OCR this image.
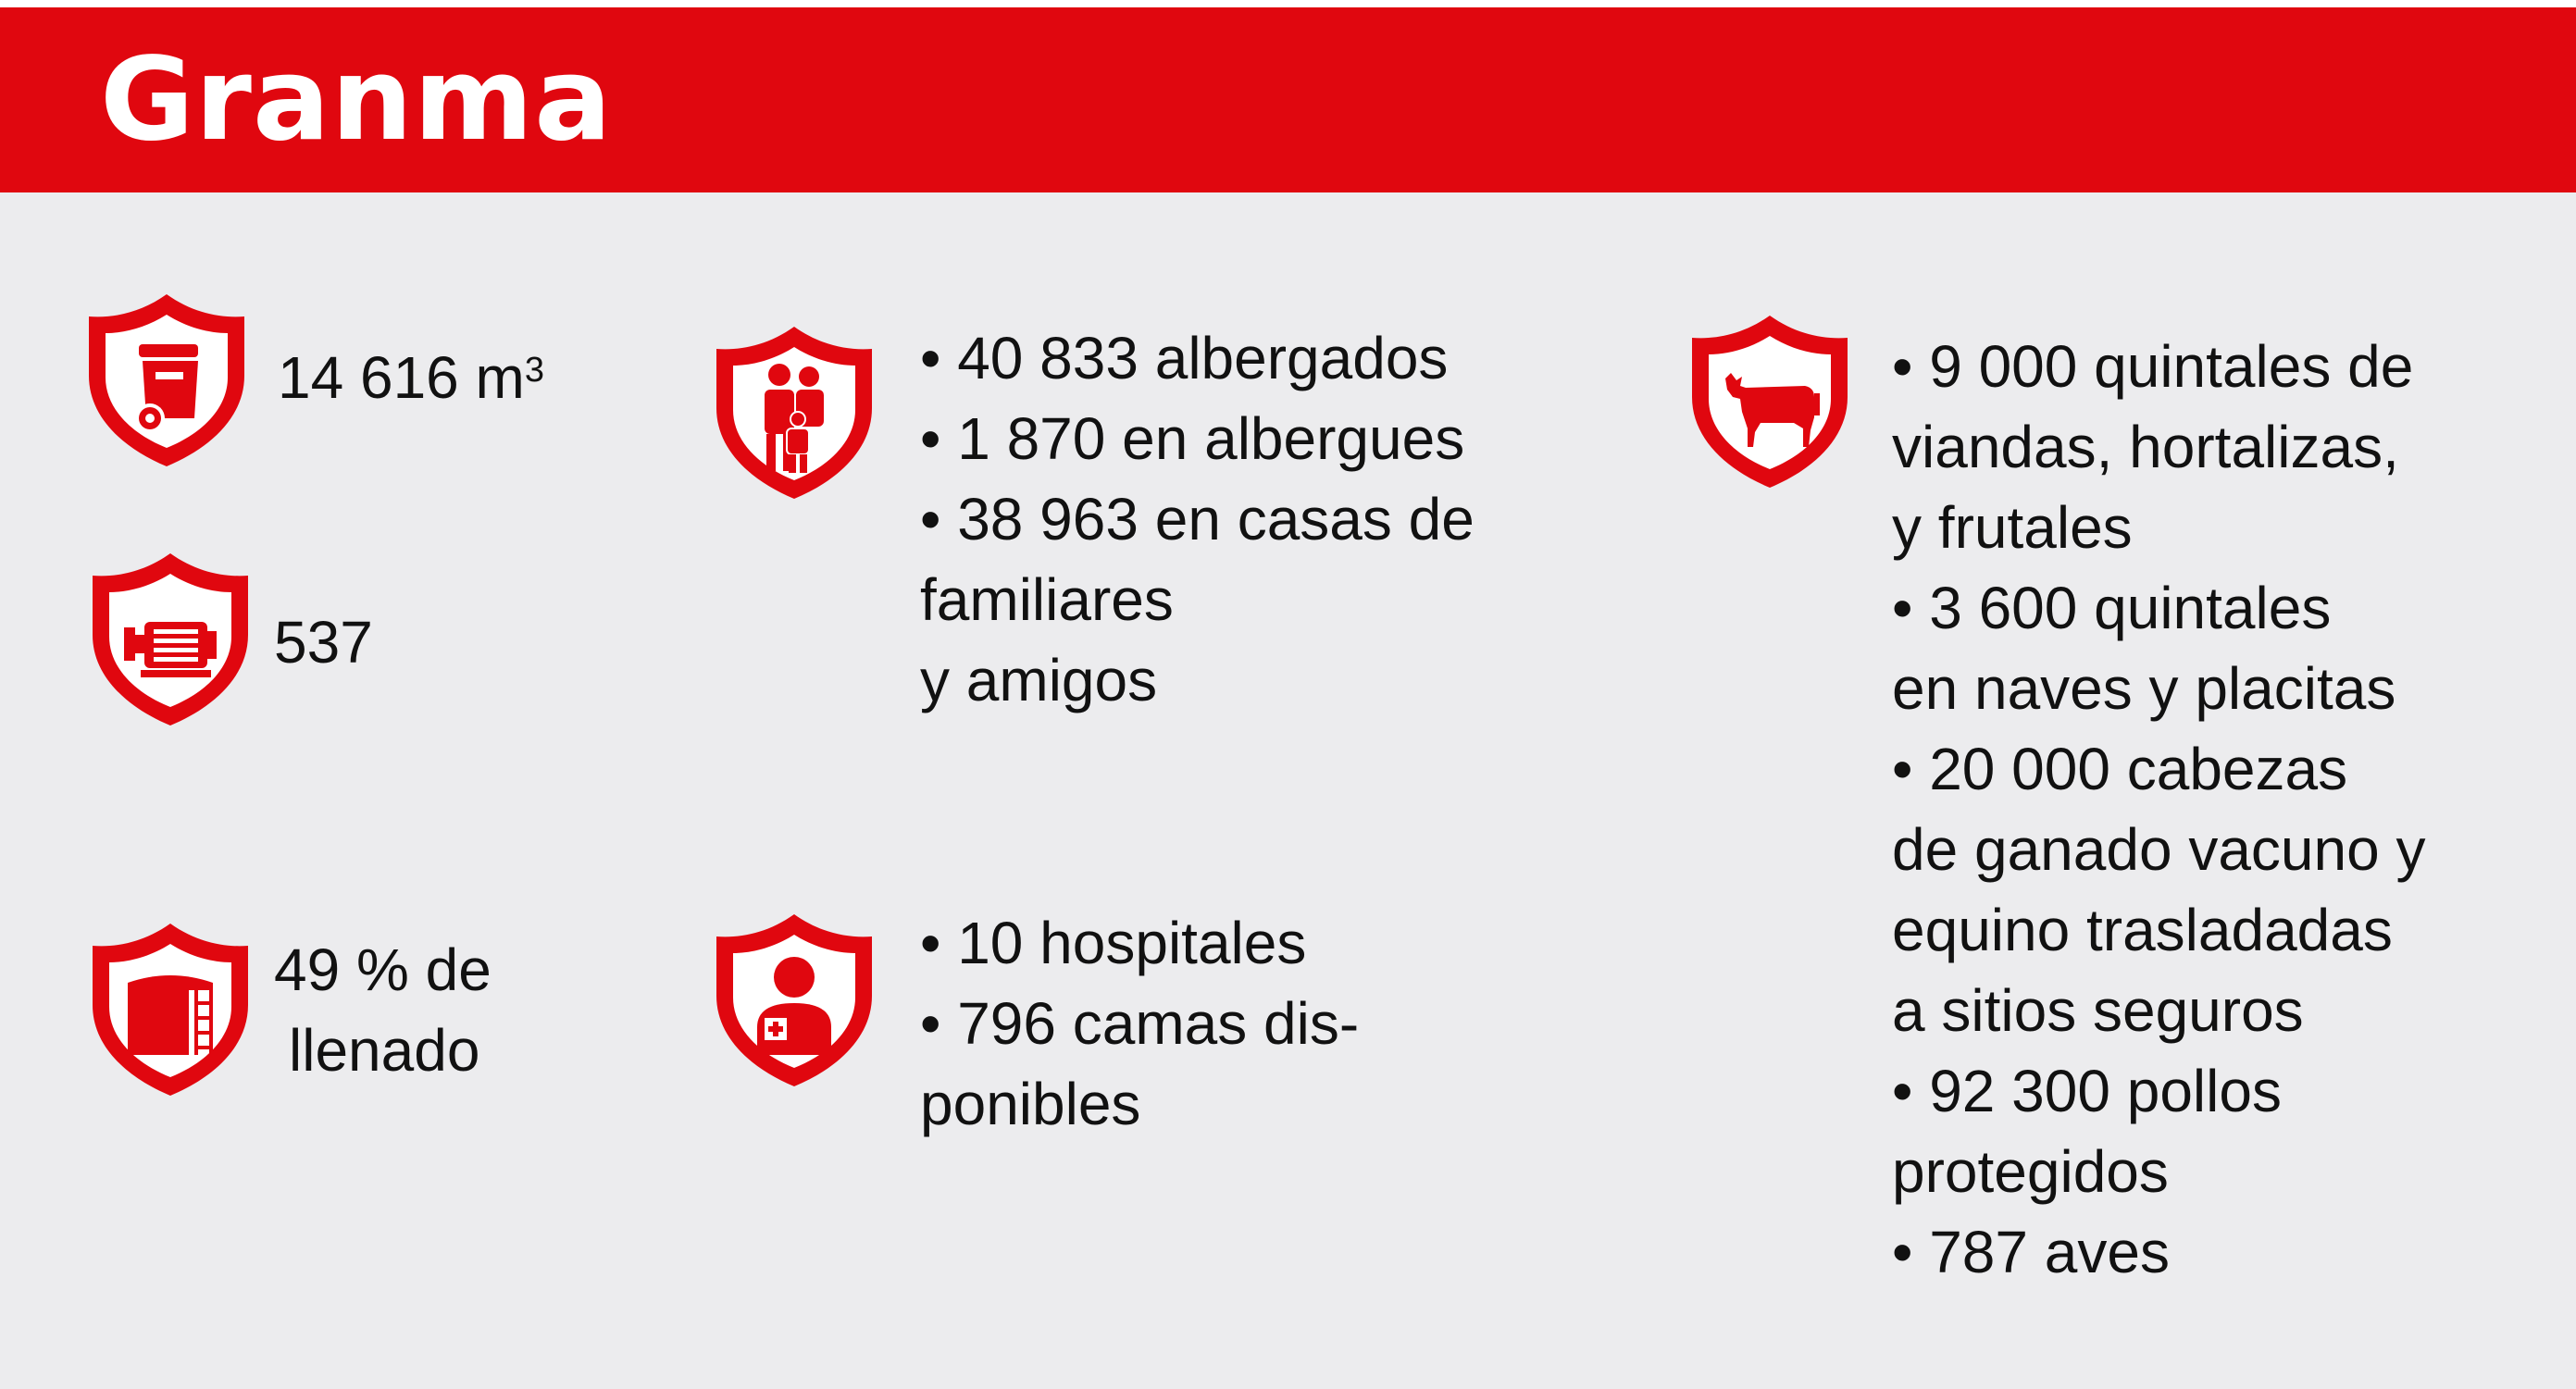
Granma
14 616 $m^3$
537
49 % de
llenado
• 40 833 albergados
• 1 870 en albergues
• 38 963 en casas de
familiares
y amigos
• 10 hospitales
• 796 camas dis-
ponibles
• 9 000 quintales de
viandas, hortalizas,
y frutales
• 3 600 quintales
en naves y placitas
• 20 000 cabezas
de ganado vacuno y
equino trasladadas
a sitios seguros
• 92 300 pollos
protegidos
• 787 aves
